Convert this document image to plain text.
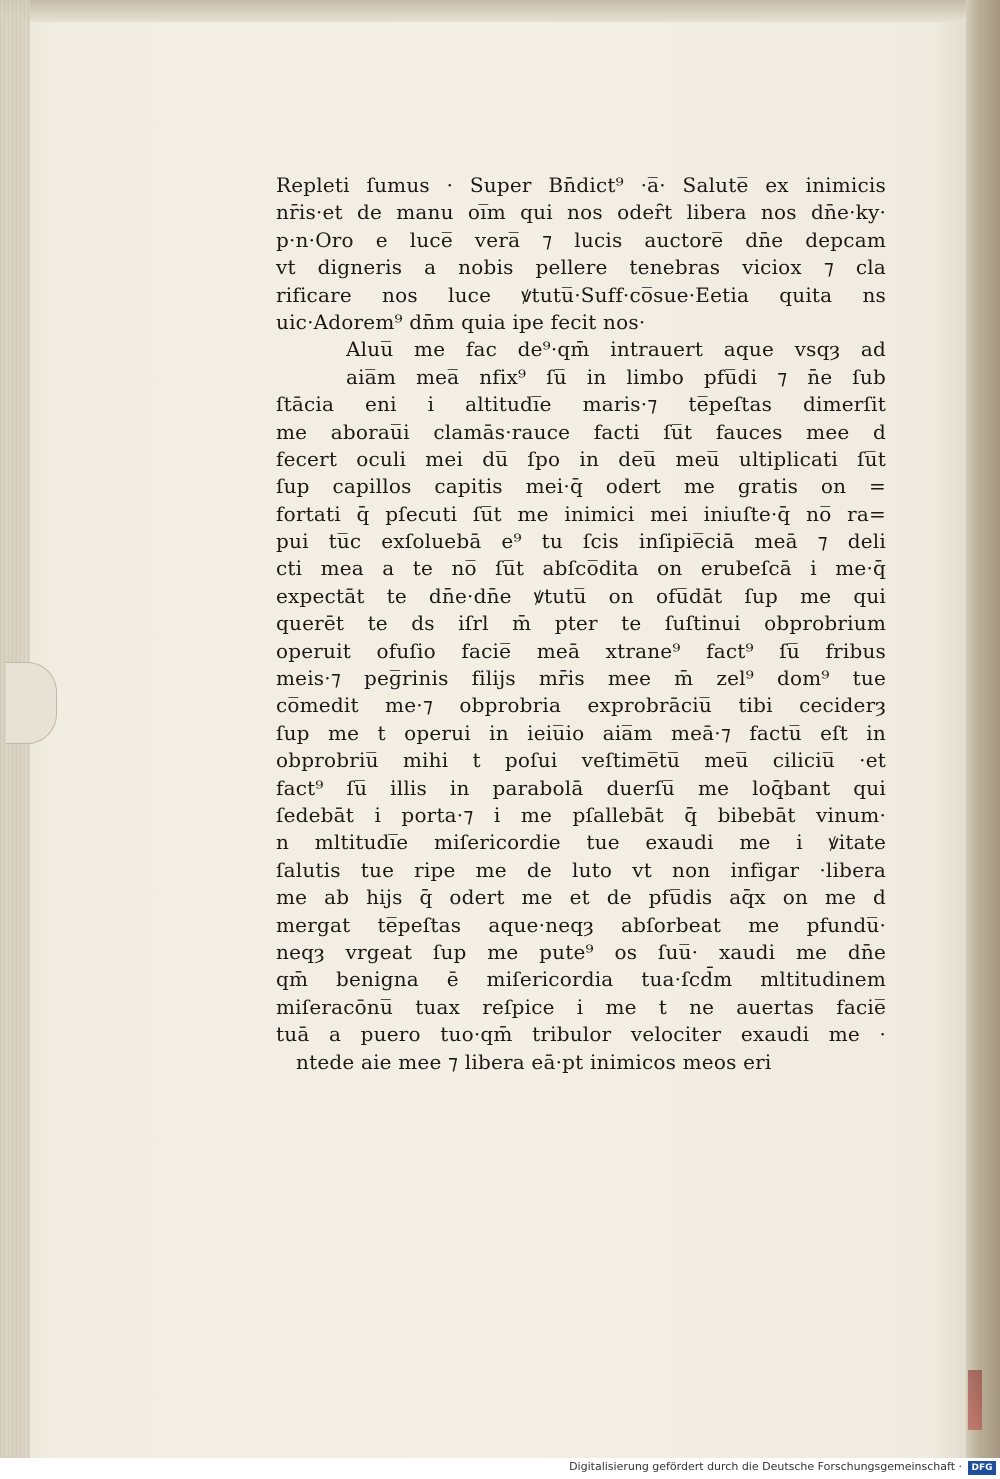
Repleti ſumus · Super Bn̄dict⁹ ·a̅· Salute̅ ex inimicis
nr̄is·et de manu oi̅m qui nos odeȓt libera nos dn̄e·ky·
p·n·Oro e luce̅ vera̅ ⁊ lucis auctore̅ dn̄e depcam
vt digneris a nobis pellere tenebras viciox ⁊ cla
rificare nos luce ꝟtutu̅·Suff·co̅sue·Eetia quita ns
uic·Adorem⁹ dn̄m quia ipe fecit nos·
Aluu̅ me fac de⁹·qm̄ intrauert aque vsqȝ ad
aia̅m mea̅ nfix⁹ ſu̅ in limbo pfu̅di ⁊ n̄e ſub
ſtācia eni i altitudi̅e maris·⁊ te̅peſtas dimerſit
me aborau̅i clamās·rauce facti ſu̅t fauces mee d
fecert oculi mei du̅ ſpo in deu̅ meu̅ ultiplicati ſu̅t
ſup capillos capitis mei·q̄ odert me gratis on =
fortati q̄ pſecuti ſu̅t me inimici mei iniuſte·q̄ no̅ ra=
pui tu̅c exſoluebā e⁹ tu ſcis inſipie̅ciā meā ⁊ deli
cti mea a te no̅ ſu̅t abſco̅dita on erubeſcā i me·q̄
expectāt te dn̄e·dn̄e ꝟtutu̅ on ofu̅dāt ſup me qui
querēt te ds iſrl m̄ pter te ſuſtinui obprobrium
operuit ofuſio facie̅ meā xtrane⁹ fact⁹ ſu̅ fribus
meis·⁊ peg̅rinis filijs mr̄is mee m̄ zel⁹ dom⁹ tue
co̅medit me·⁊ obprobria exprobrāciu̅ tibi ceciderȝ
ſup me t operui in ieiu̅io aia̅m meā·⁊ factu̅ eſt in
obprobriu̅ mihi t poſui veſtime̅tu̅ meu̅ ciliciu̅ ·et
fact⁹ ſu̅ illis in parabolā duerſu̅ me loq̄bant qui
ſedebāt i porta·⁊ i me pſallebāt q̄ bibebāt vinum·
n mltitudi̅e miſericordie tue exaudi me i ꝟitate
ſalutis tue ripe me de luto vt non infigar ·libera
me ab hijs q̄ odert me et de pfu̅dis aq̄x on me d
mergat te̅peſtas aque·neqȝ abſorbeat me pfundu̅·
neqȝ vrgeat ſup me pute⁹ os ſuu̅· xaudi me dn̄e
qm̄ benigna ē miſericordia tua·ſcd̄m mltitudinem
miſeracōnu̅ tuax reſpice i me t ne auertas facie̅
tuā a puero tuo·qm̄ tribulor velociter exaudi me ·
ntede aie mee ⁊ libera eā·pt inimicos meos eri
Digitalisierung gefördert durch die Deutsche Forschungsgemeinschaft ·	DFG
